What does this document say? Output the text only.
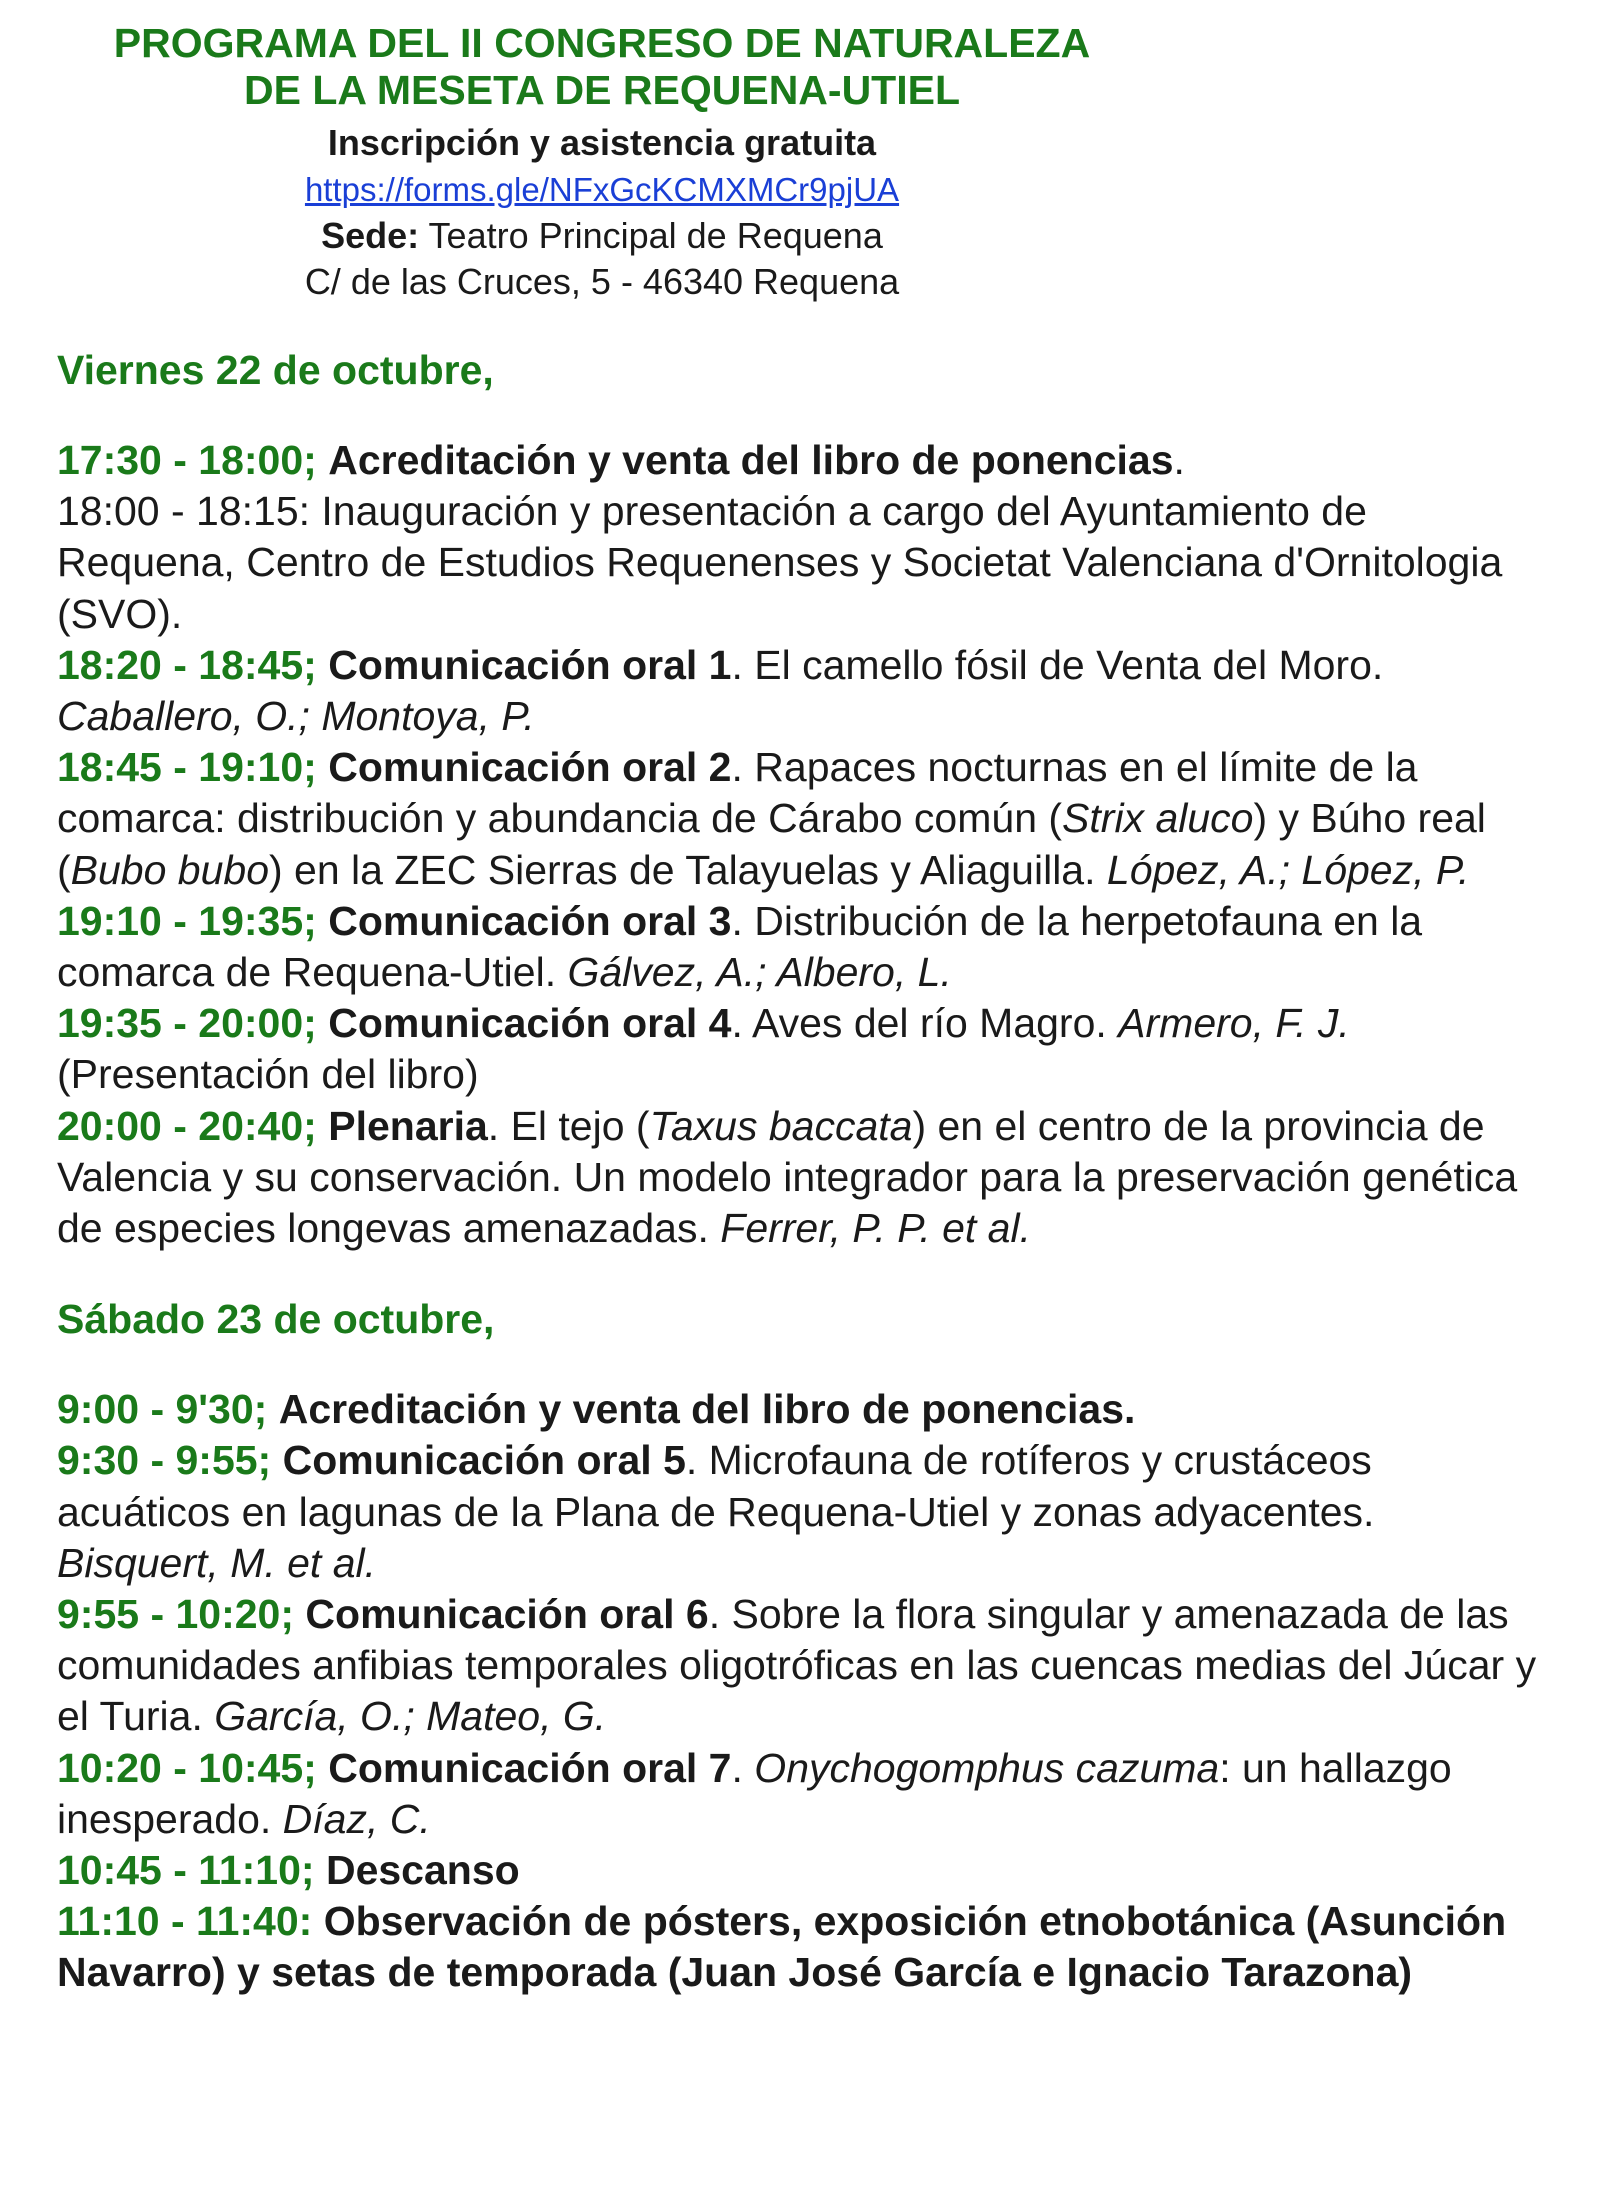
PROGRAMA DEL II CONGRESO DE NATURALEZA

DE LA MESETA DE REQUENA-UTIEL

Inscripción y asistencia gratuita

https://forms.gle/NFxGcKCMXMCr9pjUA

Sede: Teatro Principal de Requena

C/ de las Cruces, 5 - 46340 Requena

Viernes 22 de octubre,

17:30 - 18:00; Acreditación y venta del libro de ponencias.

18:00 - 18:15: Inauguración y presentación a cargo del Ayuntamiento de Requena, Centro de Estudios Requenenses y Societat Valenciana d'Ornitologia (SVO).

18:20 - 18:45; Comunicación oral 1. El camello fósil de Venta del Moro. Caballero, O.; Montoya, P.

18:45 - 19:10; Comunicación oral 2. Rapaces nocturnas en el límite de la comarca: distribución y abundancia de Cárabo común (Strix aluco) y Búho real (Bubo bubo) en la ZEC Sierras de Talayuelas y Aliaguilla. López, A.; López, P.

19:10 - 19:35; Comunicación oral 3. Distribución de la herpetofauna en la comarca de Requena-Utiel. Gálvez, A.; Albero, L.

19:35 - 20:00; Comunicación oral 4. Aves del río Magro. Armero, F. J. (Presentación del libro)

20:00 - 20:40; Plenaria. El tejo (Taxus baccata) en el centro de la provincia de Valencia y su conservación. Un modelo integrador para la preservación genética de especies longevas amenazadas. Ferrer, P. P. et al.

Sábado 23 de octubre,

9:00 - 9'30; Acreditación y venta del libro de ponencias.

9:30 - 9:55; Comunicación oral 5. Microfauna de rotíferos y crustáceos acuáticos en lagunas de la Plana de Requena-Utiel y zonas adyacentes. Bisquert, M. et al.

9:55 - 10:20; Comunicación oral 6. Sobre la flora singular y amenazada de las comunidades anfibias temporales oligotróficas en las cuencas medias del Júcar y el Turia. García, O.; Mateo, G.

10:20 - 10:45; Comunicación oral 7. Onychogomphus cazuma: un hallazgo inesperado. Díaz, C.

10:45 - 11:10; Descanso

11:10 - 11:40: Observación de pósters, exposición etnobotánica (Asunción Navarro) y setas de temporada (Juan José García e Ignacio Tarazona)
